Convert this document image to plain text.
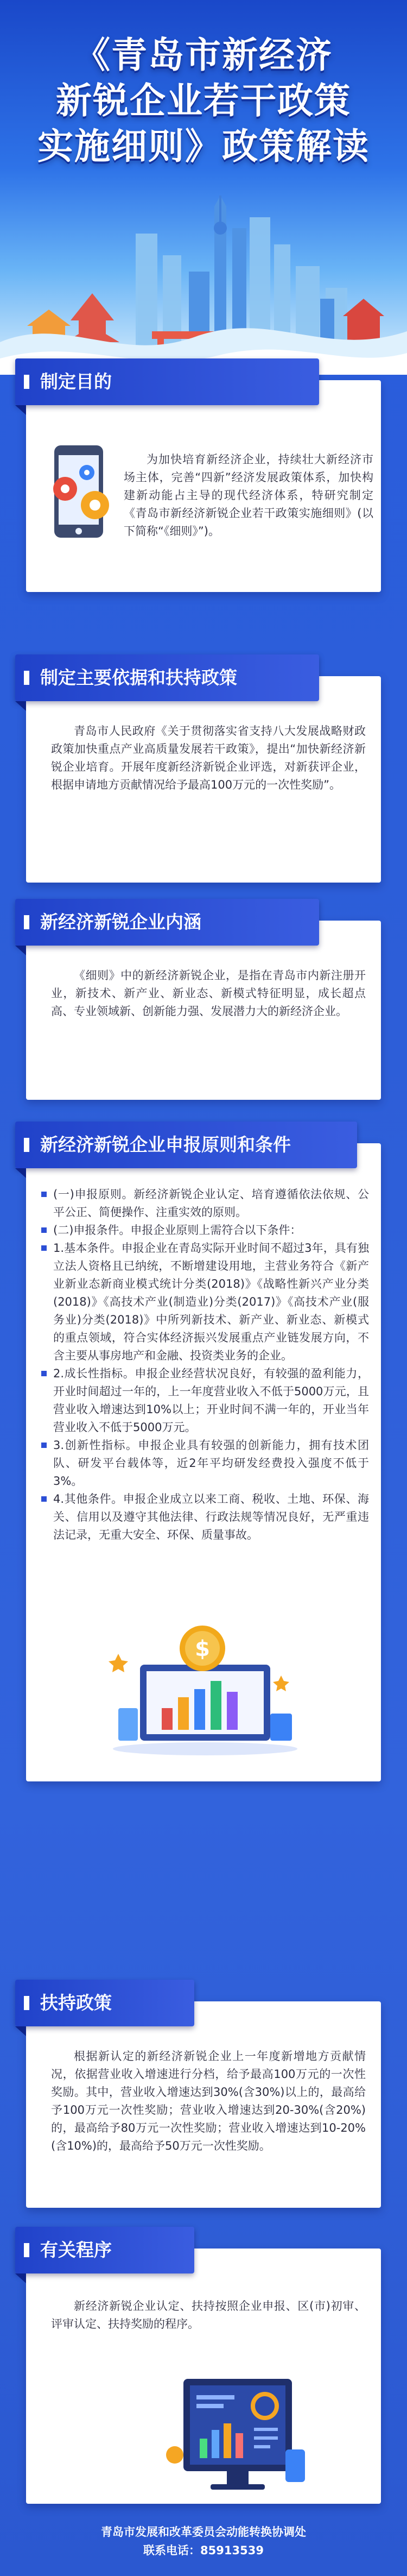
《青岛市新经济
新锐企业若干政策
实施细则》政策解读
制定目的

为加快培育新经济企业，持续壮大新经济市场主体，完善“四新”经济发展政策体系，加快构建新动能占主导的现代经济体系，特研究制定《青岛市新经济新锐企业若干政策实施细则》(以下简称“《细则》”)。

制定主要依据和扶持政策

青岛市人民政府《关于贯彻落实省支持八大发展战略财政政策加快重点产业高质量发展若干政策》，提出“加快新经济新锐企业培育。开展年度新经济新锐企业评选，对新获评企业，根据申请地方贡献情况给予最高100万元的一次性奖励”。

新经济新锐企业内涵

《细则》中的新经济新锐企业，是指在青岛市内新注册开业，新技术、新产业、新业态、新模式特征明显，成长超点高、专业领域新、创新能力强、发展潜力大的新经济企业。

新经济新锐企业申报原则和条件

(一)申报原则。新经济新锐企业认定、培育遵循依法依规、公平公正、简便操作、注重实效的原则。

(二)申报条件。申报企业原则上需符合以下条件：

1.基本条件。申报企业在青岛实际开业时间不超过3年，具有独立法人资格且已纳统，不断增建设用地，主营业务符合《新产业新业态新商业模式统计分类(2018)》《战略性新兴产业分类(2018)》《高技术产业(制造业)分类(2017)》《高技术产业(服务业)分类(2018)》中所列新技术、新产业、新业态、新模式的重点领域，符合实体经济振兴发展重点产业链发展方向，不含主要从事房地产和金融、投资类业务的企业。

2.成长性指标。申报企业经营状况良好，有较强的盈利能力，开业时间超过一年的，上一年度营业收入不低于5000万元，且营业收入增速达到10%以上；开业时间不满一年的，开业当年营业收入不低于5000万元。

3.创新性指标。申报企业具有较强的创新能力，拥有技术团队、研发平台载体等，近2年平均研发经费投入强度不低于3%。

4.其他条件。申报企业成立以来工商、税收、土地、环保、海关、信用以及遵守其他法律、行政法规等情况良好，无严重违法记录，无重大安全、环保、质量事故。

$
扶持政策

根据新认定的新经济新锐企业上一年度新增地方贡献情况，依据营业收入增速进行分档，给予最高100万元的一次性奖励。其中，营业收入增速达到30%(含30%)以上的，最高给予100万元一次性奖励；营业收入增速达到20-30%(含20%)的，最高给予80万元一次性奖励；营业收入增速达到10-20%(含10%)的，最高给予50万元一次性奖励。

有关程序

新经济新锐企业认定、扶持按照企业申报、区(市)初审、评审认定、扶持奖励的程序。

青岛市发展和改革委员会动能转换协调处
联系电话：85913539
